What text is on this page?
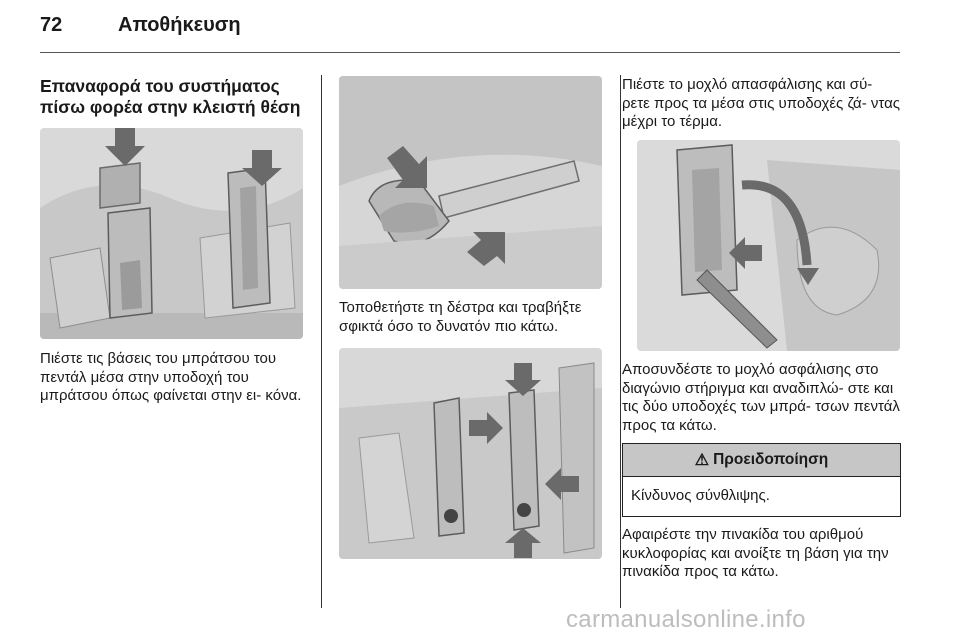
72	Αποθήκευση
Επαναφορά του συστήματος πίσω φορέα στην κλειστή θέση
Πιέστε τις βάσεις του μπράτσου του πεντάλ μέσα στην υποδοχή του μπράτσου όπως φαίνεται στην ει- κόνα.
Τοποθετήστε τη δέστρα και τραβήξτε σφικτά όσο το δυνατόν πιο κάτω.
Πιέστε το μοχλό απασφάλισης και σύ- ρετε προς τα μέσα στις υποδοχές ζά- ντας μέχρι το τέρμα.
Αποσυνδέστε το μοχλό ασφάλισης στο διαγώνιο στήριγμα και αναδιπλώ- στε και τις δύο υποδοχές των μπρά- τσων πεντάλ προς τα κάτω.
⚠ Προειδοποίηση
Κίνδυνος σύνθλιψης.
Αφαιρέστε την πινακίδα του αριθμού κυκλοφορίας και ανοίξτε τη βάση για την πινακίδα προς τα κάτω.
carmanualsonline.info
